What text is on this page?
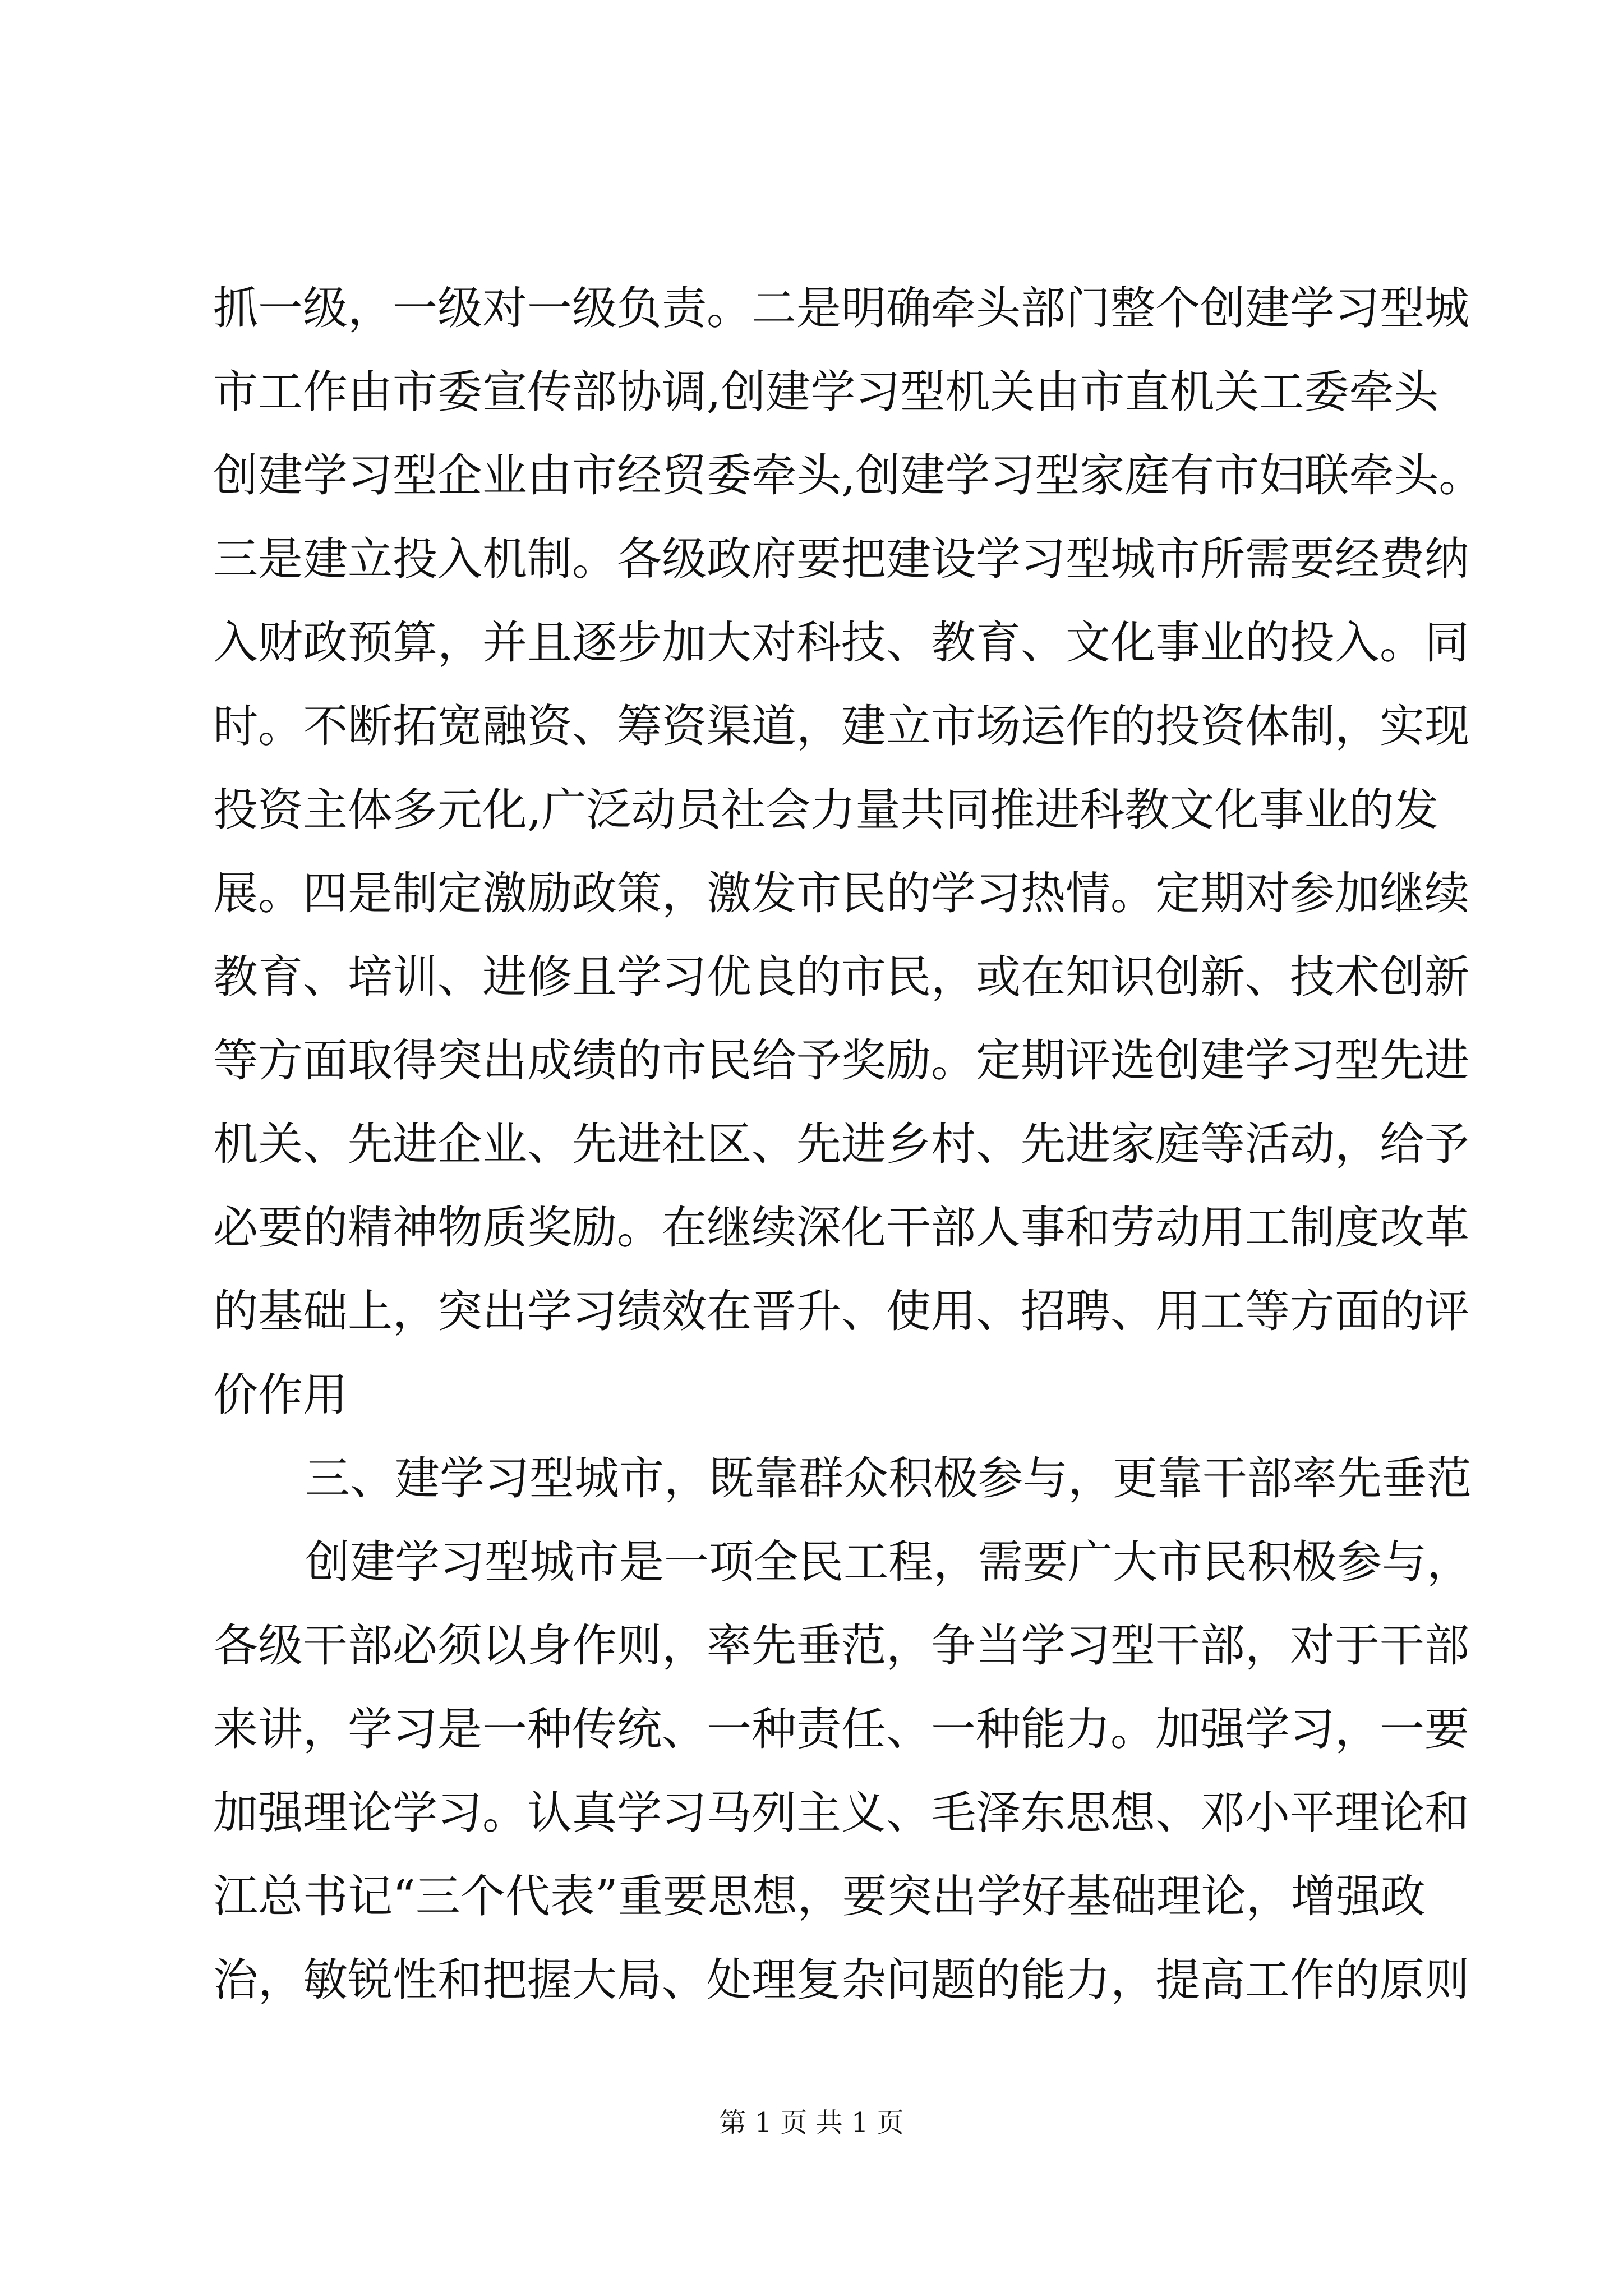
抓一级，一级对一级负责。二是明确牵头部门整个创建学习型城
市工作由市委宣传部协调,创建学习型机关由市直机关工委牵头
创建学习型企业由市经贸委牵头,创建学习型家庭有市妇联牵头。
三是建立投入机制。各级政府要把建设学习型城市所需要经费纳
入财政预算，并且逐步加大对科技、教育、文化事业的投入。同
时。不断拓宽融资、筹资渠道，建立市场运作的投资体制，实现
投资主体多元化,广泛动员社会力量共同推进科教文化事业的发
展。四是制定激励政策，激发市民的学习热情。定期对参加继续
教育、培训、进修且学习优良的市民，或在知识创新、技术创新
等方面取得突出成绩的市民给予奖励。定期评选创建学习型先进
机关、先进企业、先进社区、先进乡村、先进家庭等活动，给予
必要的精神物质奖励。在继续深化干部人事和劳动用工制度改革
的基础上，突出学习绩效在晋升、使用、招聘、用工等方面的评
价作用
三、建学习型城市，既靠群众积极参与，更靠干部率先垂范
创建学习型城市是一项全民工程，需要广大市民积极参与，
各级干部必须以身作则，率先垂范，争当学习型干部，对于干部
来讲，学习是一种传统、一种责任、一种能力。加强学习，一要
加强理论学习。认真学习马列主义、毛泽东思想、邓小平理论和
江总书记“三个代表”重要思想，要突出学好基础理论，增强政
治，敏锐性和把握大局、处理复杂问题的能力，提高工作的原则
第 1 页 共 1 页
